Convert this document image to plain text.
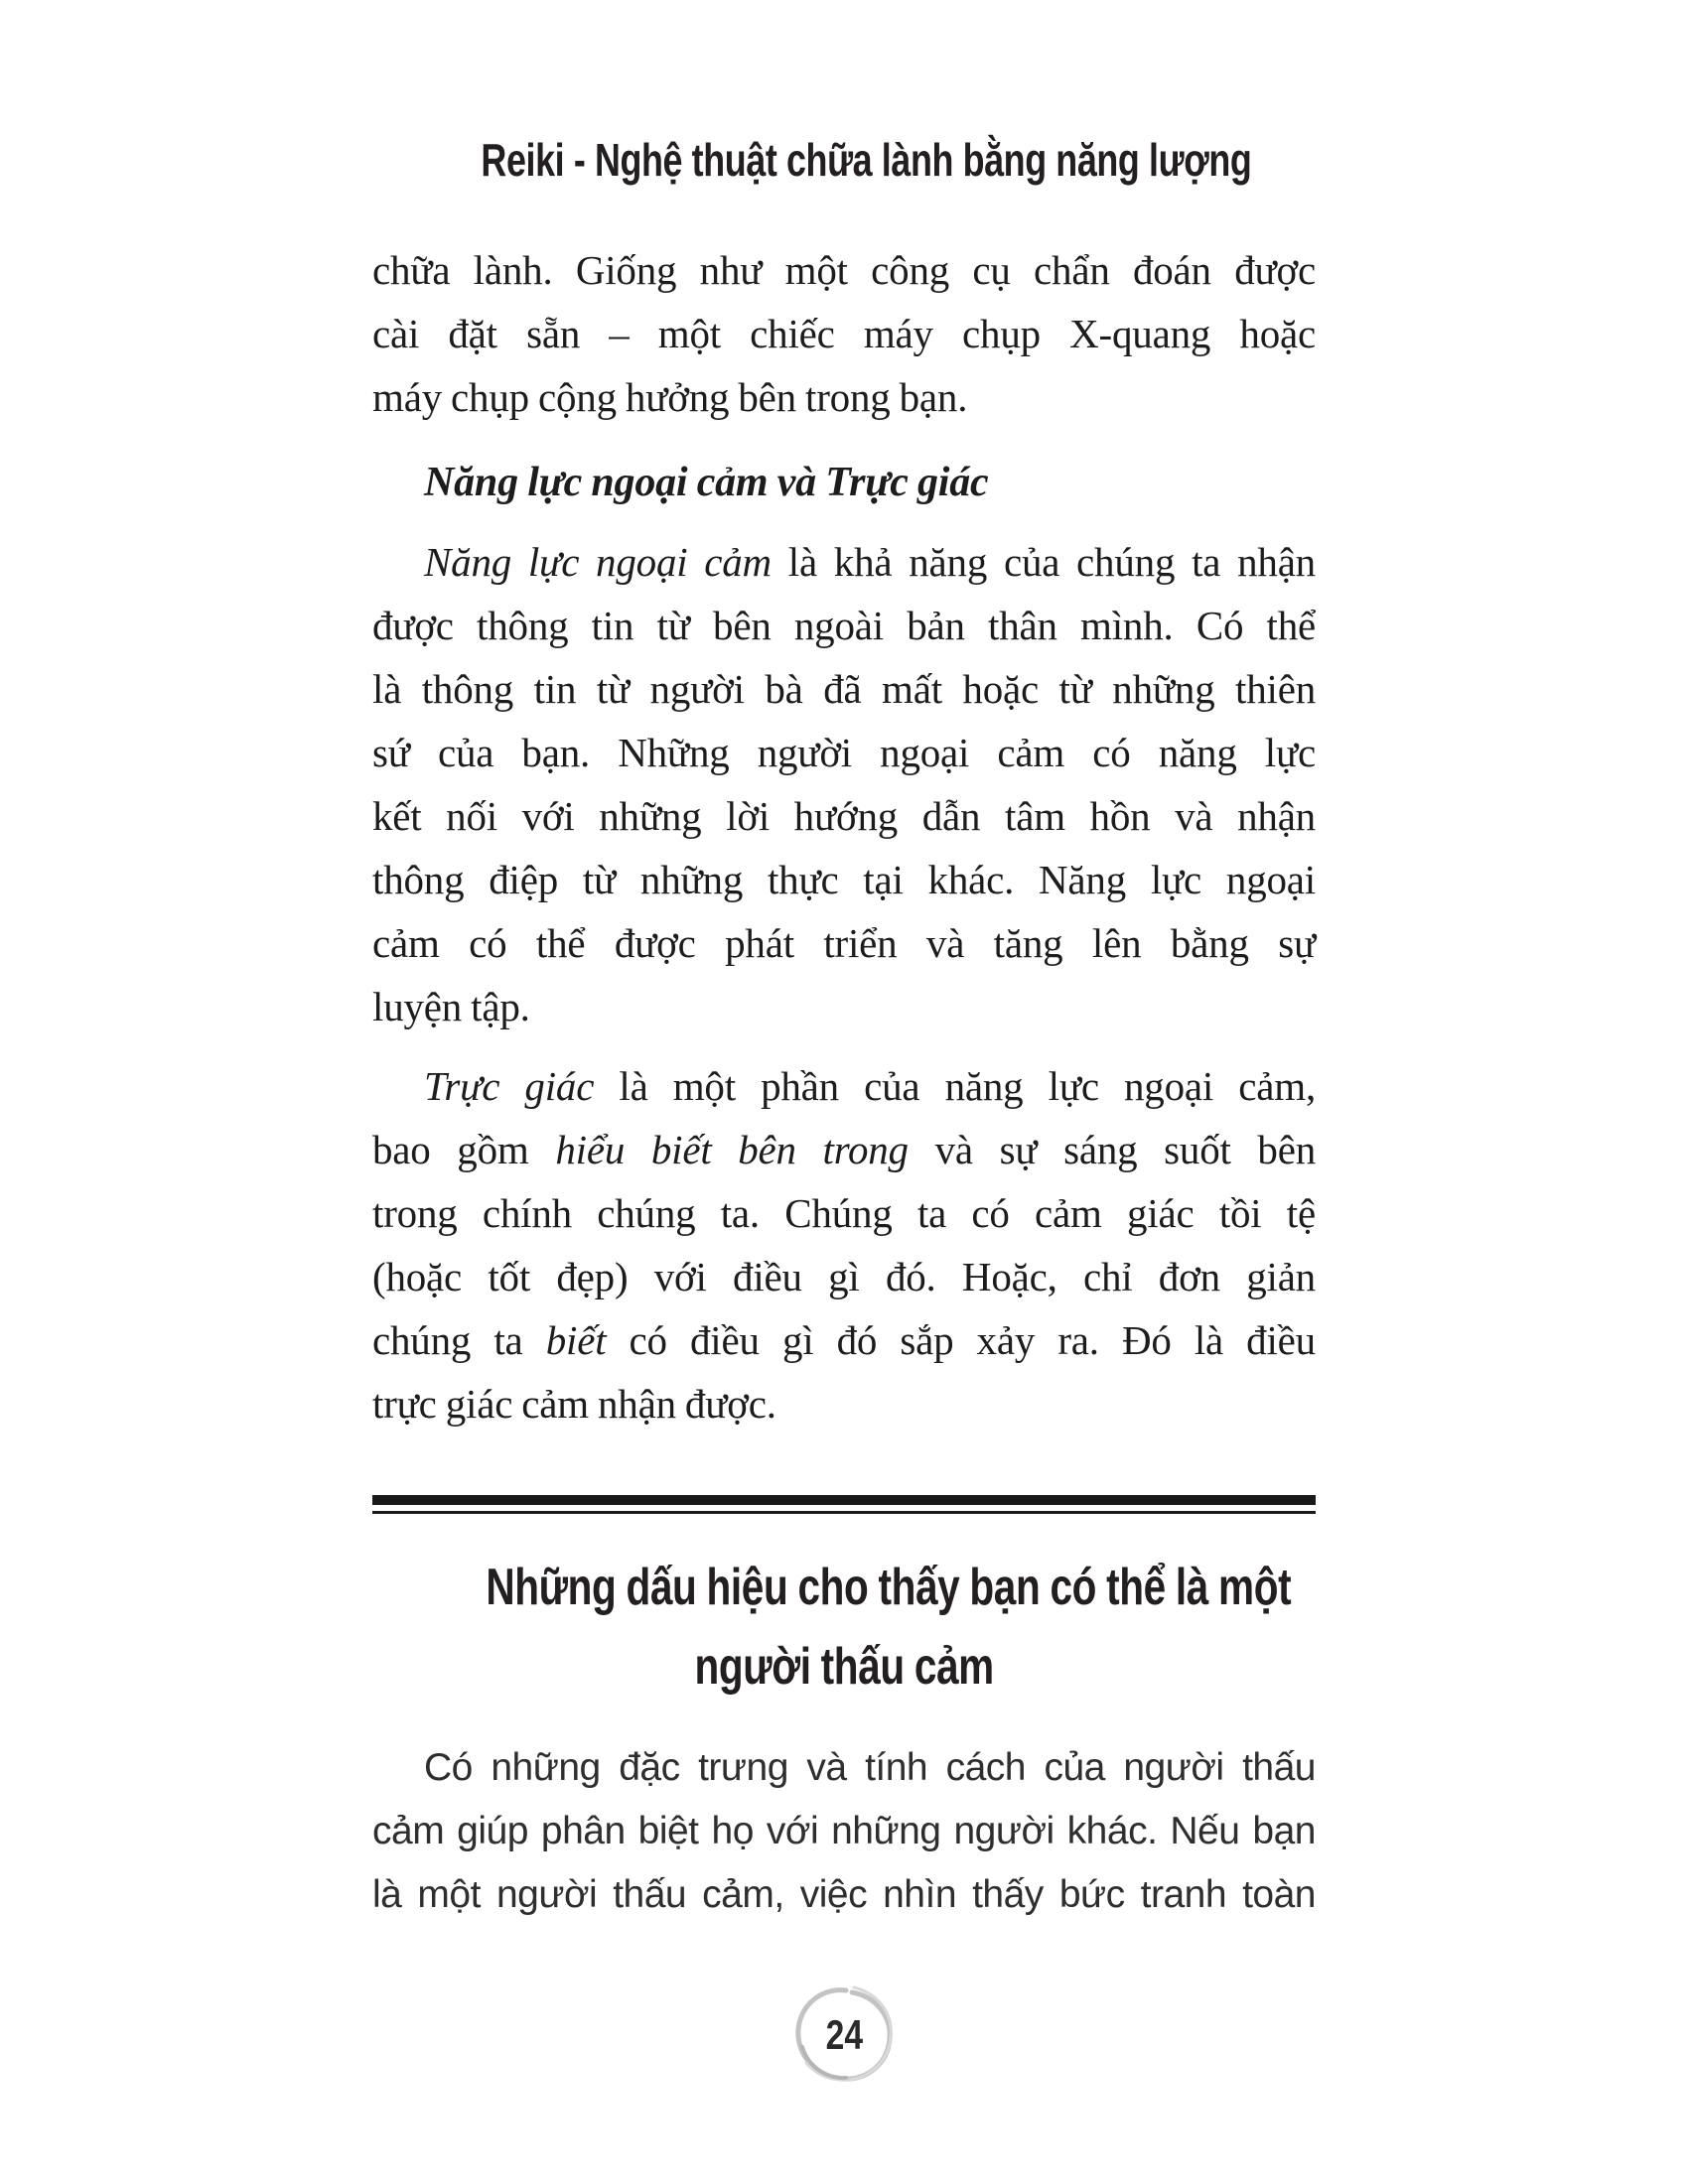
Reiki - Nghệ thuật chữa lành bằng năng lượng
chữa lành. Giống như một công cụ chẩn đoán được
cài đặt sẵn – một chiếc máy chụp X-quang hoặc
máy chụp cộng hưởng bên trong bạn.
Năng lực ngoại cảm và Trực giác
Năng lực ngoại cảm là khả năng của chúng ta nhận
được thông tin từ bên ngoài bản thân mình. Có thể
là thông tin từ người bà đã mất hoặc từ những thiên
sứ của bạn. Những người ngoại cảm có năng lực
kết nối với những lời hướng dẫn tâm hồn và nhận
thông điệp từ những thực tại khác. Năng lực ngoại
cảm có thể được phát triển và tăng lên bằng sự
luyện tập.
Trực giác là một phần của năng lực ngoại cảm,
bao gồm hiểu biết bên trong và sự sáng suốt bên
trong chính chúng ta. Chúng ta có cảm giác tồi tệ
(hoặc tốt đẹp) với điều gì đó. Hoặc, chỉ đơn giản
chúng ta biết có điều gì đó sắp xảy ra. Đó là điều
trực giác cảm nhận được.
Những dấu hiệu cho thấy bạn có thể là một
người thấu cảm
Có những đặc trưng và tính cách của người thấu
cảm giúp phân biệt họ với những người khác. Nếu bạn
là một người thấu cảm, việc nhìn thấy bức tranh toàn
24
